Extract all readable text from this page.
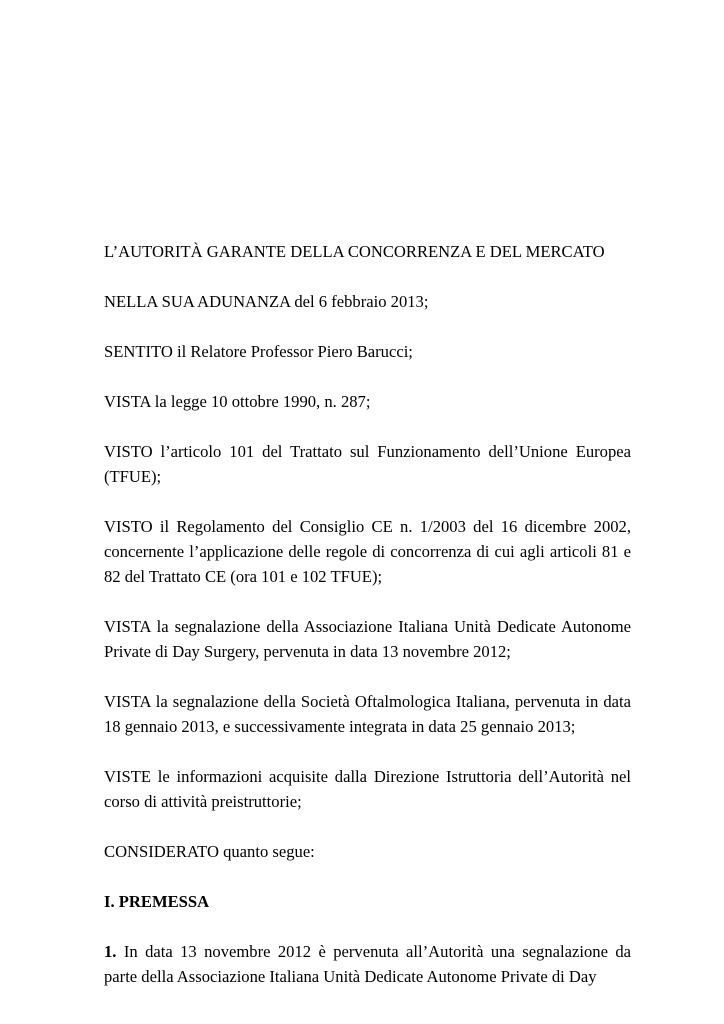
L’AUTORITÀ GARANTE DELLA CONCORRENZA E DEL MERCATO

NELLA SUA ADUNANZA del 6 febbraio 2013;

SENTITO il Relatore Professor Piero Barucci;

VISTA la legge 10 ottobre 1990, n. 287;

VISTO l’articolo 101 del Trattato sul Funzionamento dell’Unione Europea (TFUE);

VISTO il Regolamento del Consiglio CE n. 1/2003 del 16 dicembre 2002, concernente l’applicazione delle regole di concorrenza di cui agli articoli 81 e 82 del Trattato CE (ora 101 e 102 TFUE);

VISTA la segnalazione della Associazione Italiana Unità Dedicate Autonome Private di Day Surgery, pervenuta in data 13 novembre 2012;

VISTA la segnalazione della Società Oftalmologica Italiana, pervenuta in data 18 gennaio 2013, e successivamente integrata in data 25 gennaio 2013;

VISTE le informazioni acquisite dalla Direzione Istruttoria dell’Autorità nel corso di attività preistruttorie;

CONSIDERATO quanto segue:

I. PREMESSA

1. In data 13 novembre 2012 è pervenuta all’Autorità una segnalazione da parte della Associazione Italiana Unità Dedicate Autonome Private di Day
